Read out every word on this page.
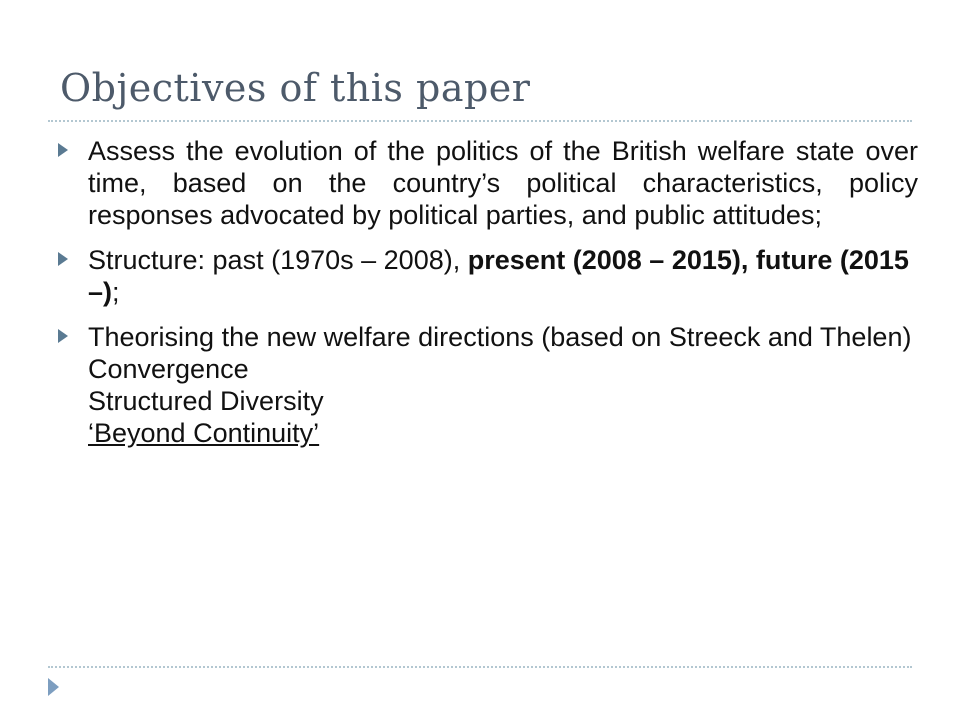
Objectives of this paper

Assess the evolution of the politics of the British welfare state over time, based on the country’s political characteristics, policy responses advocated by political parties, and public attitudes;

Structure: past (1970s – 2008), present (2008 – 2015), future (2015 –);

Theorising the new welfare directions (based on Streeck and Thelen)
Convergence
Structured Diversity
‘Beyond Continuity’
